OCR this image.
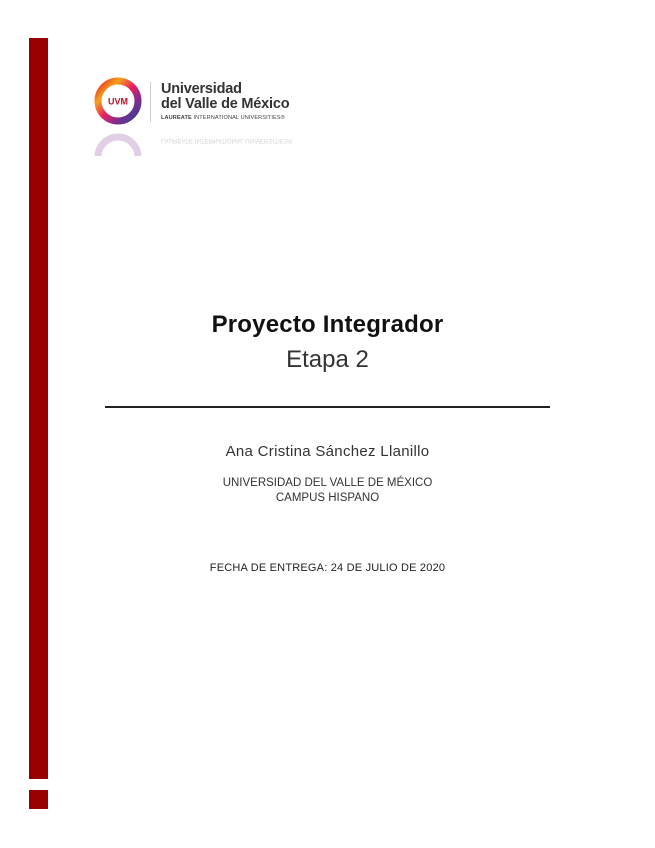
UVM
Universidad
del Valle de México
LAUREATE INTERNATIONAL UNIVERSITIES®
LAUREATE INTERNATIONAL UNIVERSITIES®
Proyecto Integrador
Etapa 2
Ana Cristina Sánchez Llanillo
UNIVERSIDAD DEL VALLE DE MÉXICO
CAMPUS HISPANO
FECHA DE ENTREGA: 24 DE JULIO DE 2020
